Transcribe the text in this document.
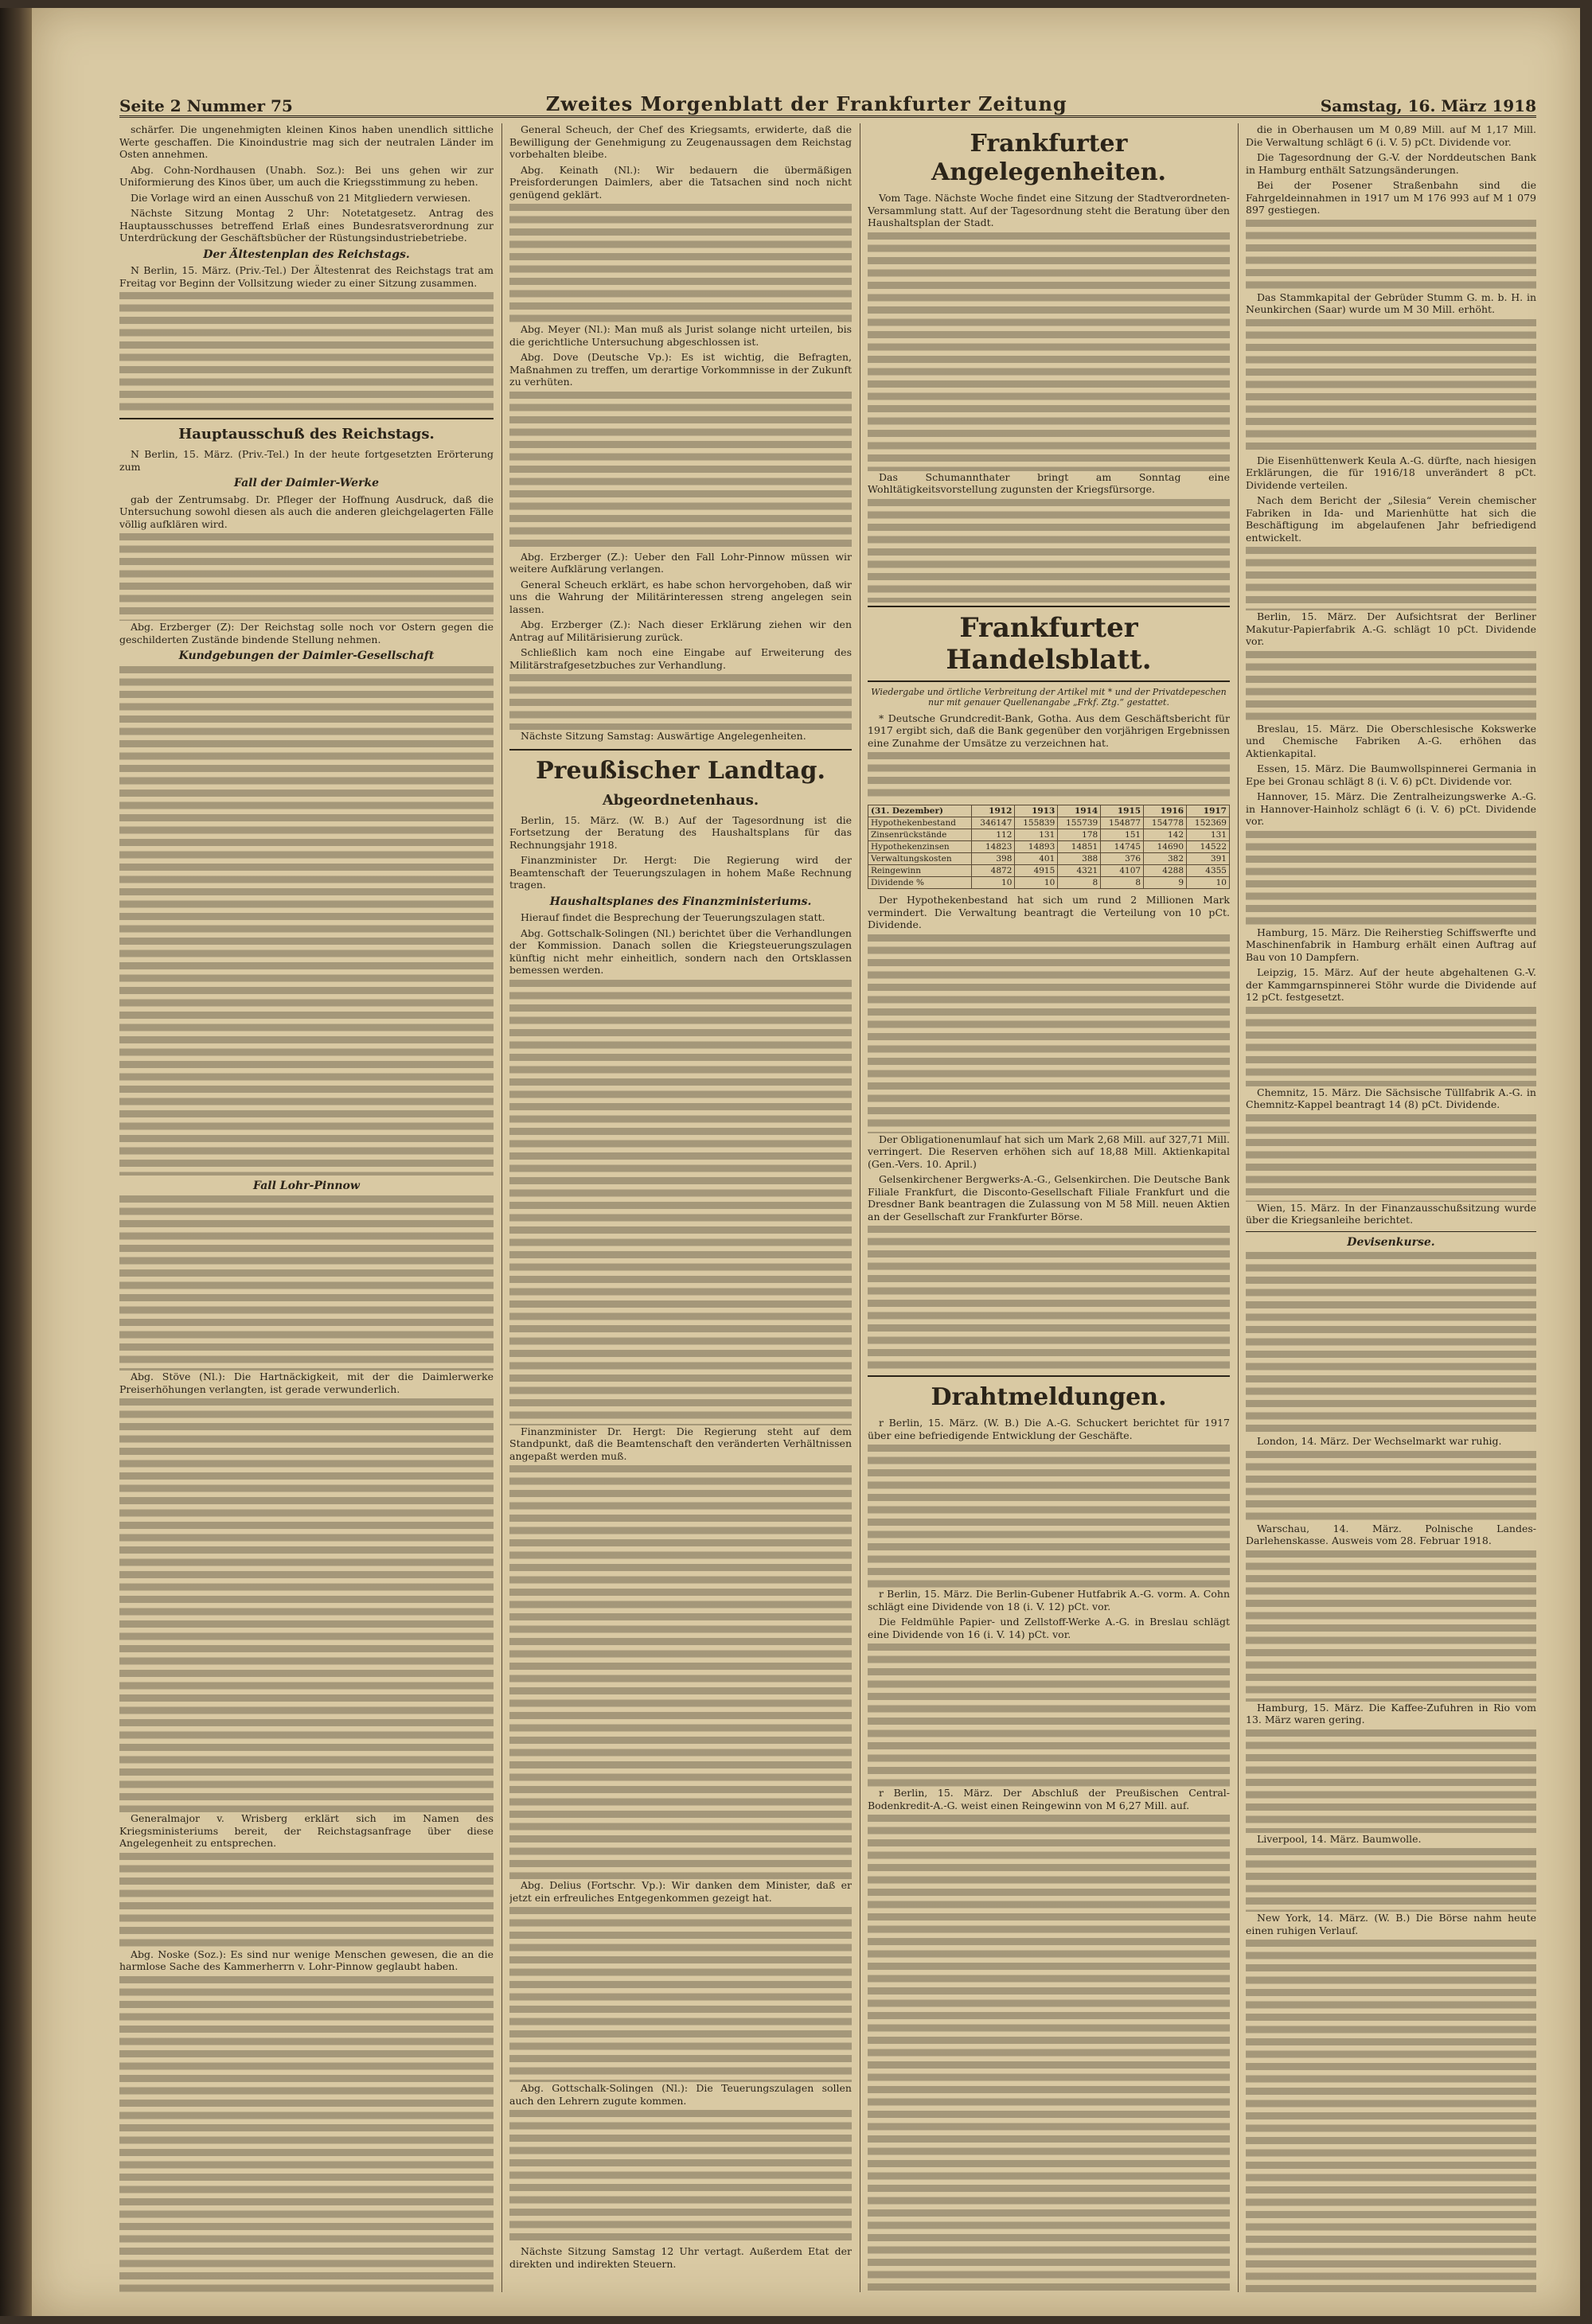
Seite 2 Nummer 75	Zweites Morgenblatt der Frankfurter Zeitung	Samstag, 16. März 1918

schärfer. Die ungenehmigten kleinen Kinos haben unendlich sittliche Werte geschaffen. Die Kinoindustrie mag sich der neutralen Länder im Osten annehmen.

Abg. Cohn-Nordhausen (Unabh. Soz.): Bei uns gehen wir zur Uniformierung des Kinos über, um auch die Kriegsstimmung zu heben.

Die Vorlage wird an einen Ausschuß von 21 Mitgliedern verwiesen.

Nächste Sitzung Montag 2 Uhr: Notetatgesetz. Antrag des Hauptausschusses betreffend Erlaß eines Bundesratsverordnung zur Unterdrückung der Geschäftsbücher der Rüstungsindustriebetriebe.

Der Ältestenplan des Reichstags.

N Berlin, 15. März. (Priv.-Tel.) Der Ältestenrat des Reichstags trat am Freitag vor Beginn der Vollsitzung wieder zu einer Sitzung zusammen.

Hauptausschuß des Reichstags.

N Berlin, 15. März. (Priv.-Tel.) In der heute fortgesetzten Erörterung zum

Fall der Daimler-Werke

gab der Zentrumsabg. Dr. Pfleger der Hoffnung Ausdruck, daß die Untersuchung sowohl diesen als auch die anderen gleichgelagerten Fälle völlig aufklären wird.

Abg. Erzberger (Z): Der Reichstag solle noch vor Ostern gegen die geschilderten Zustände bindende Stellung nehmen.

Kundgebungen der Daimler-Gesellschaft
Fall Lohr-Pinnow

Abg. Stöve (Nl.): Die Hartnäckigkeit, mit der die Daimlerwerke Preiserhöhungen verlangten, ist gerade verwunderlich.

Generalmajor v. Wrisberg erklärt sich im Namen des Kriegsministeriums bereit, der Reichstagsanfrage über diese Angelegenheit zu entsprechen.

Abg. Noske (Soz.): Es sind nur wenige Menschen gewesen, die an die harmlose Sache des Kammerherrn v. Lohr-Pinnow geglaubt haben.

General Scheuch, der Chef des Kriegsamts, erwiderte, daß die Bewilligung der Genehmigung zu Zeugenaussagen dem Reichstag vorbehalten bleibe.

Abg. Keinath (Nl.): Wir bedauern die übermäßigen Preisforderungen Daimlers, aber die Tatsachen sind noch nicht genügend geklärt.

Abg. Meyer (Nl.): Man muß als Jurist solange nicht urteilen, bis die gerichtliche Untersuchung abgeschlossen ist.

Abg. Dove (Deutsche Vp.): Es ist wichtig, die Befragten, Maßnahmen zu treffen, um derartige Vorkommnisse in der Zukunft zu verhüten.

Abg. Erzberger (Z.): Ueber den Fall Lohr-Pinnow müssen wir weitere Aufklärung verlangen.

General Scheuch erklärt, es habe schon hervorgehoben, daß wir uns die Wahrung der Militärinteressen streng angelegen sein lassen.

Abg. Erzberger (Z.): Nach dieser Erklärung ziehen wir den Antrag auf Militärisierung zurück.

Schließlich kam noch eine Eingabe auf Erweiterung des Militärstrafgesetzbuches zur Verhandlung.

Nächste Sitzung Samstag: Auswärtige Angelegenheiten.

Preußischer Landtag.
Abgeordnetenhaus.

Berlin, 15. März. (W. B.) Auf der Tagesordnung ist die Fortsetzung der Beratung des Haushaltsplans für das Rechnungsjahr 1918.

Finanzminister Dr. Hergt: Die Regierung wird der Beamtenschaft der Teuerungszulagen in hohem Maße Rechnung tragen.

Haushaltsplanes des Finanzministeriums.

Hierauf findet die Besprechung der Teuerungszulagen statt.

Abg. Gottschalk-Solingen (Nl.) berichtet über die Verhandlungen der Kommission. Danach sollen die Kriegsteuerungszulagen künftig nicht mehr einheitlich, sondern nach den Ortsklassen bemessen werden.

Finanzminister Dr. Hergt: Die Regierung steht auf dem Standpunkt, daß die Beamtenschaft den veränderten Verhältnissen angepaßt werden muß.

Abg. Delius (Fortschr. Vp.): Wir danken dem Minister, daß er jetzt ein erfreuliches Entgegenkommen gezeigt hat.

Abg. Gottschalk-Solingen (Nl.): Die Teuerungszulagen sollen auch den Lehrern zugute kommen.

Nächste Sitzung Samstag 12 Uhr vertagt. Außerdem Etat der direkten und indirekten Steuern.

Frankfurter Angelegenheiten.

Vom Tage. Nächste Woche findet eine Sitzung der Stadtverordneten-Versammlung statt. Auf der Tagesordnung steht die Beratung über den Haushaltsplan der Stadt.

Das Schumannthater bringt am Sonntag eine Wohltätigkeitsvorstellung zugunsten der Kriegsfürsorge.

Frankfurter Handelsblatt.
Wiedergabe und örtliche Verbreitung der Artikel mit * und der Privatdepeschen nur mit genauer Quellenangabe „Frkf. Ztg.“ gestattet.

* Deutsche Grundcredit-Bank, Gotha. Aus dem Geschäftsbericht für 1917 ergibt sich, daß die Bank gegenüber den vorjährigen Ergebnissen eine Zunahme der Umsätze zu verzeichnen hat.

(31. Dezember)	1912	1913	1914	1915	1916	1917
Hypothekenbestand	346147	155839	155739	154877	154778	152369
Zinsenrückstände	112	131	178	151	142	131
Hypothekenzinsen	14823	14893	14851	14745	14690	14522
Verwaltungskosten	398	401	388	376	382	391
Reingewinn	4872	4915	4321	4107	4288	4355
Dividende %	10	10	8	8	9	10

Der Hypothekenbestand hat sich um rund 2 Millionen Mark vermindert. Die Verwaltung beantragt die Verteilung von 10 pCt. Dividende.

Der Obligationenumlauf hat sich um Mark 2,68 Mill. auf 327,71 Mill. verringert. Die Reserven erhöhen sich auf 18,88 Mill. Aktienkapital (Gen.-Vers. 10. April.)

Gelsenkirchener Bergwerks-A.-G., Gelsenkirchen. Die Deutsche Bank Filiale Frankfurt, die Disconto-Gesellschaft Filiale Frankfurt und die Dresdner Bank beantragen die Zulassung von M 58 Mill. neuen Aktien an der Gesellschaft zur Frankfurter Börse.

Drahtmeldungen.

r Berlin, 15. März. (W. B.) Die A.-G. Schuckert berichtet für 1917 über eine befriedigende Entwicklung der Geschäfte.

r Berlin, 15. März. Die Berlin-Gubener Hutfabrik A.-G. vorm. A. Cohn schlägt eine Dividende von 18 (i. V. 12) pCt. vor.

Die Feldmühle Papier- und Zellstoff-Werke A.-G. in Breslau schlägt eine Dividende von 16 (i. V. 14) pCt. vor.

r Berlin, 15. März. Der Abschluß der Preußischen Central-Bodenkredit-A.-G. weist einen Reingewinn von M 6,27 Mill. auf.

die in Oberhausen um M 0,89 Mill. auf M 1,17 Mill. Die Verwaltung schlägt 6 (i. V. 5) pCt. Dividende vor.

Die Tagesordnung der G.-V. der Norddeutschen Bank in Hamburg enthält Satzungsänderungen.

Bei der Posener Straßenbahn sind die Fahrgeldeinnahmen in 1917 um M 176 993 auf M 1 079 897 gestiegen.

Das Stammkapital der Gebrüder Stumm G. m. b. H. in Neunkirchen (Saar) wurde um M 30 Mill. erhöht.

Die Eisenhüttenwerk Keula A.-G. dürfte, nach hiesigen Erklärungen, die für 1916/18 unverändert 8 pCt. Dividende verteilen.

Nach dem Bericht der „Silesia“ Verein chemischer Fabriken in Ida- und Marienhütte hat sich die Beschäftigung im abgelaufenen Jahr befriedigend entwickelt.

Berlin, 15. März. Der Aufsichtsrat der Berliner Makutur-Papierfabrik A.-G. schlägt 10 pCt. Dividende vor.

Breslau, 15. März. Die Oberschlesische Kokswerke und Chemische Fabriken A.-G. erhöhen das Aktienkapital.

Essen, 15. März. Die Baumwollspinnerei Germania in Epe bei Gronau schlägt 8 (i. V. 6) pCt. Dividende vor.

Hannover, 15. März. Die Zentralheizungswerke A.-G. in Hannover-Hainholz schlägt 6 (i. V. 6) pCt. Dividende vor.

Hamburg, 15. März. Die Reiherstieg Schiffswerfte und Maschinenfabrik in Hamburg erhält einen Auftrag auf Bau von 10 Dampfern.

Leipzig, 15. März. Auf der heute abgehaltenen G.-V. der Kammgarnspinnerei Stöhr wurde die Dividende auf 12 pCt. festgesetzt.

Chemnitz, 15. März. Die Sächsische Tüllfabrik A.-G. in Chemnitz-Kappel beantragt 14 (8) pCt. Dividende.

Wien, 15. März. In der Finanzausschußsitzung wurde über die Kriegsanleihe berichtet.

Devisenkurse.

London, 14. März. Der Wechselmarkt war ruhig.

Warschau, 14. März. Polnische Landes-Darlehenskasse. Ausweis vom 28. Februar 1918.

Hamburg, 15. März. Die Kaffee-Zufuhren in Rio vom 13. März waren gering.

Liverpool, 14. März. Baumwolle.

New York, 14. März. (W. B.) Die Börse nahm heute einen ruhigen Verlauf.
